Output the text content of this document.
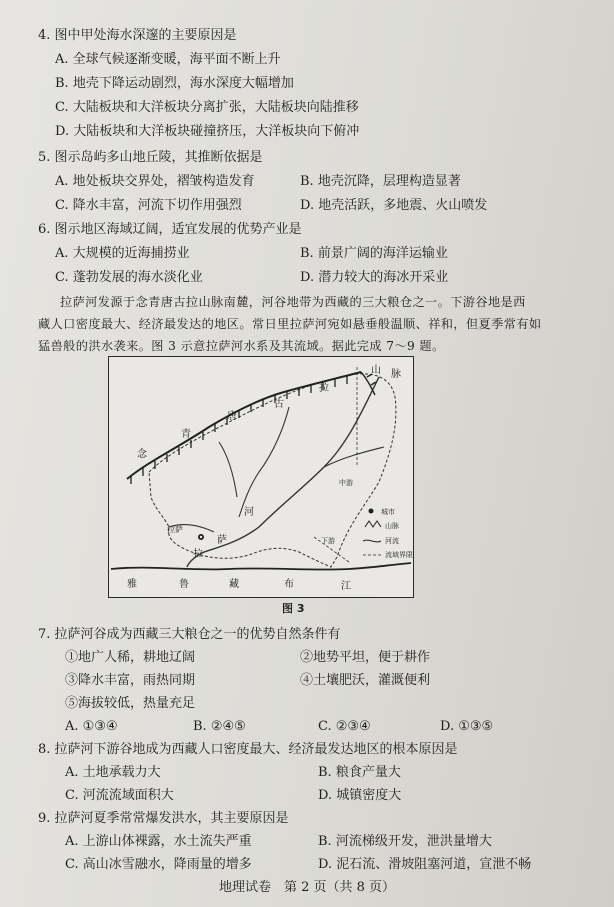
4. 图中甲处海水深邃的主要原因是
A. 全球气候逐渐变暖，海平面不断上升
B. 地壳下降运动剧烈，海水深度大幅增加
C. 大陆板块和大洋板块分离扩张，大陆板块向陆推移
D. 大陆板块和大洋板块碰撞挤压，大洋板块向下俯冲
5. 图示岛屿多山地丘陵，其推断依据是
A. 地处板块交界处，褶皱构造发育	B. 地壳沉降，层理构造显著
C. 降水丰富，河流下切作用强烈	D. 地壳活跃，多地震、火山喷发
6. 图示地区海域辽阔，适宜发展的优势产业是
A. 大规模的近海捕捞业	B. 前景广阔的海洋运输业
C. 蓬勃发展的海水淡化业	D. 潜力较大的海冰开采业
拉萨河发源于念青唐古拉山脉南麓，河谷地带为西藏的三大粮仓之一。下游谷地是西
藏人口密度最大、经济最发达的地区。常日里拉萨河宛如悬垂般温顺、祥和，但夏季常有如
猛兽般的洪水袭来。图 3 示意拉萨河水系及其流域。据此完成 7～9 题。
山 脉
拉
古
唐
青
念
河
拉
萨
中游
下游
拉萨
雅	鲁	藏	布	江
城市
山脉
河流
流域界限
图 3
7. 拉萨河谷成为西藏三大粮仓之一的优势自然条件有
①地广人稀，耕地辽阔	②地势平坦，便于耕作
③降水丰富，雨热同期	④土壤肥沃，灌溉便利
⑤海拔较低，热量充足
A. ①③④	B. ②④⑤	C. ②③④	D. ①③⑤
8. 拉萨河下游谷地成为西藏人口密度最大、经济最发达地区的根本原因是
A. 土地承载力大	B. 粮食产量大
C. 河流流域面积大	D. 城镇密度大
9. 拉萨河夏季常常爆发洪水，其主要原因是
A. 上游山体裸露，水土流失严重	B. 河流梯级开发，泄洪量增大
C. 高山冰雪融水，降雨量的增多	D. 泥石流、滑坡阻塞河道，宣泄不畅
地理试卷　第 2 页（共 8 页）
